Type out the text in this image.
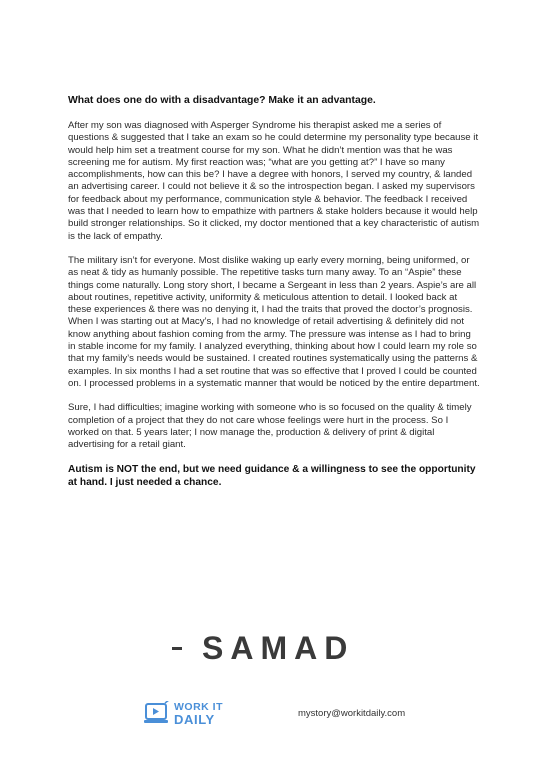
What does one do with a disadvantage? Make it an advantage.

After my son was diagnosed with Asperger Syndrome his therapist asked me a series of questions & suggested that I take an exam so he could determine my personality type because it would help him set a treatment course for my son. What he didn’t mention was that he was screening me for autism. My first reaction was; “what are you getting at?” I have so many accomplishments, how can this be? I have a degree with honors, I served my country, & landed an advertising career. I could not believe it & so the introspection began. I asked my supervisors for feedback about my performance, communication style & behavior. The feedback I received was that I needed to learn how to empathize with partners & stake holders because it would help build stronger relationships. So it clicked, my doctor mentioned that a key characteristic of autism is the lack of empathy.

The military isn’t for everyone. Most dislike waking up early every morning, being uniformed, or as neat & tidy as humanly possible. The repetitive tasks turn many away. To an “Aspie” these things come naturally. Long story short, I became a Sergeant in less than 2 years. Aspie’s are all about routines, repetitive activity, uniformity & meticulous attention to detail. I looked back at these experiences & there was no denying it, I had the traits that proved the doctor’s prognosis. When I was starting out at Macy’s, I had no knowledge of retail advertising & definitely did not know anything about fashion coming from the army. The pressure was intense as I had to bring in stable income for my family. I analyzed everything, thinking about how I could learn my role so that my family’s needs would be sustained. I created routines systematically using the patterns & examples. In six months I had a set routine that was so effective that I proved I could be counted on. I processed problems in a systematic manner that would be noticed by the entire department.

Sure, I had difficulties; imagine working with someone who is so focused on the quality & timely completion of a project that they do not care whose feelings were hurt in the process. So I worked on that. 5 years later; I now manage the, production & delivery of print & digital advertising for a retail giant.

Autism is NOT the end, but we need guidance & a willingness to see the opportunity at hand. I just needed a chance.

SAMAD
WORK IT
DAILY	mystory@workitdaily.com
